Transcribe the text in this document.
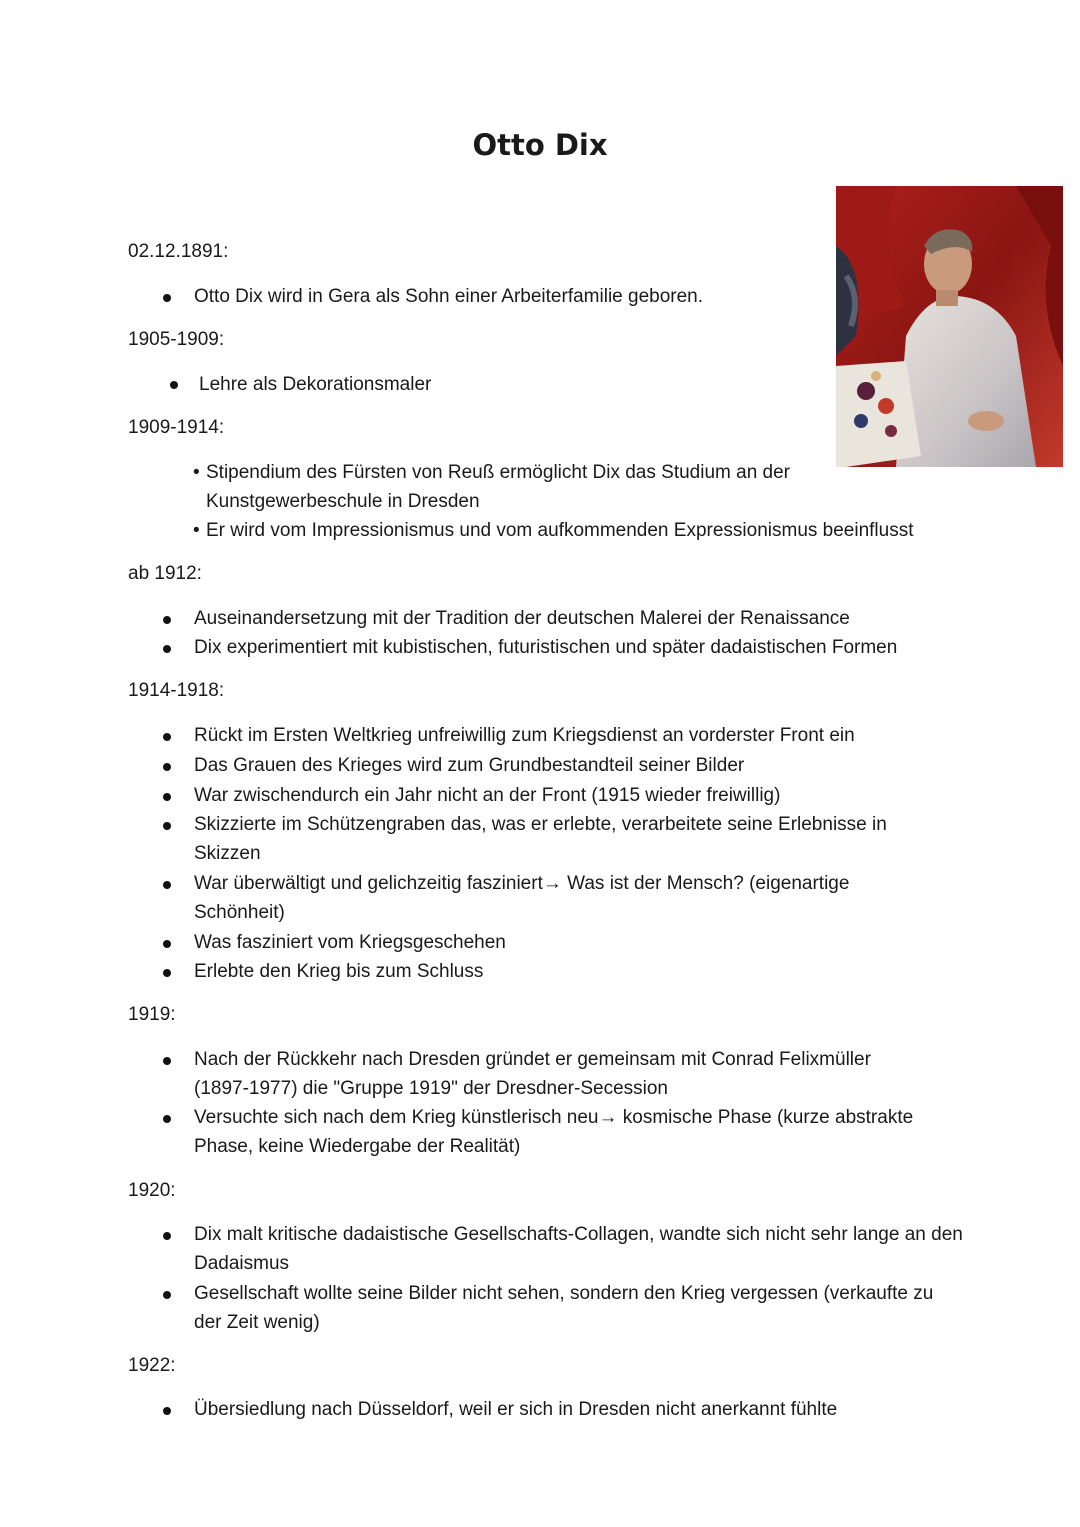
Otto Dix

02.12.1891:

Otto Dix wird in Gera als Sohn einer Arbeiterfamilie geboren.

1905-1909:

Lehre als Dekorationsmaler

1909-1914:

• Stipendium des Fürsten von Reuß ermöglicht Dix das Studium an der Kunstgewerbeschule in Dresden

• Er wird vom Impressionismus und vom aufkommenden Expressionismus beeinflusst

ab 1912:

Auseinandersetzung mit der Tradition der deutschen Malerei der Renaissance

Dix experimentiert mit kubistischen, futuristischen und später dadaistischen Formen

1914-1918:

Rückt im Ersten Weltkrieg unfreiwillig zum Kriegsdienst an vorderster Front ein

Das Grauen des Krieges wird zum Grundbestandteil seiner Bilder

War zwischendurch ein Jahr nicht an der Front (1915 wieder freiwillig)

Skizzierte im Schützengraben das, was er erlebte, verarbeitete seine Erlebnisse in Skizzen

War überwältigt und gelichzeitig fasziniert→ Was ist der Mensch? (eigenartige Schönheit)

Was fasziniert vom Kriegsgeschehen

Erlebte den Krieg bis zum Schluss

1919:

Nach der Rückkehr nach Dresden gründet er gemeinsam mit Conrad Felixmüller (1897-1977) die "Gruppe 1919" der Dresdner-Secession

Versuchte sich nach dem Krieg künstlerisch neu→ kosmische Phase (kurze abstrakte Phase, keine Wiedergabe der Realität)

1920:

Dix malt kritische dadaistische Gesellschafts-Collagen, wandte sich nicht sehr lange an den Dadaismus

Gesellschaft wollte seine Bilder nicht sehen, sondern den Krieg vergessen (verkaufte zu der Zeit wenig)

1922:

Übersiedlung nach Düsseldorf, weil er sich in Dresden nicht anerkannt fühlte
